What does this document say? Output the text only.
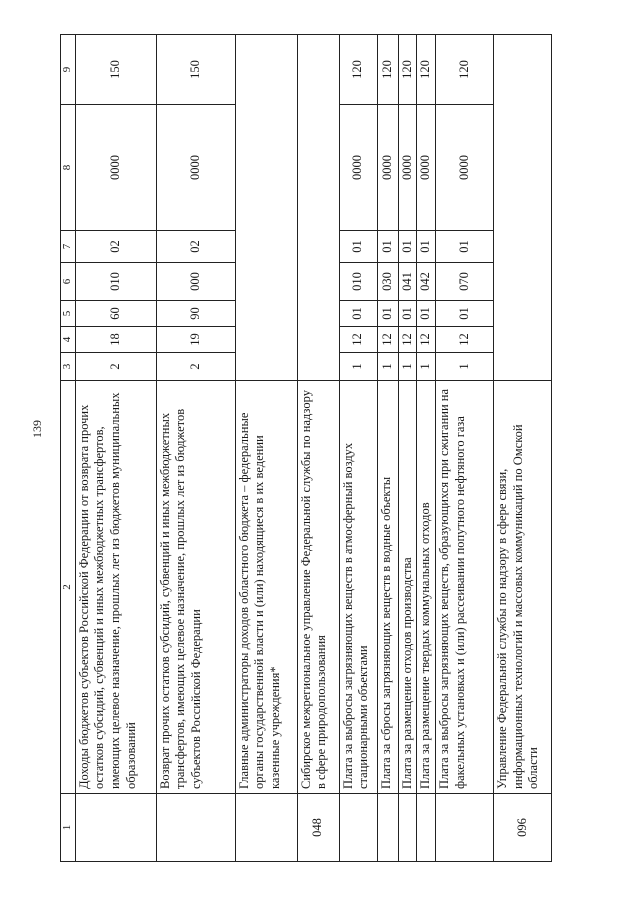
139
1	2	3	4	5	6	7	8	9
	Доходы бюджетов субъектов Российской Федерации от возврата прочих остатков субсидий, субвенций и иных межбюджетных трансфертов, имеющих целевое назначение, прошлых лет из бюджетов муниципальных образований	2	18	60	010	02	0000	150
	Возврат прочих остатков субсидий, субвенций и иных межбюджетных трансфертов, имеющих целевое назначение, прошлых лет из бюджетов субъектов Российской Федерации	2	19	90	000	02	0000	150
	Главные администраторы доходов областного бюджета – федеральные органы государственной власти и (или) находящиеся в их ведении казенные учреждения*							
048	Сибирское межрегиональное управление Федеральной службы по надзору в сфере природопользования							
	Плата за выбросы загрязняющих веществ в атмосферный воздух стационарными объектами	1	12	01	010	01	0000	120
	Плата за сбросы загрязняющих веществ в водные объекты	1	12	01	030	01	0000	120
	Плата за размещение отходов производства	1	12	01	041	01	0000	120
	Плата за размещение твердых коммунальных отходов	1	12	01	042	01	0000	120
	Плата за выбросы загрязняющих веществ, образующихся при сжигании на факельных установках и (или) рассеивании попутного нефтяного газа	1	12	01	070	01	0000	120
096	Управление Федеральной службы по надзору в сфере связи, информационных технологий и массовых коммуникаций по Омской области							
